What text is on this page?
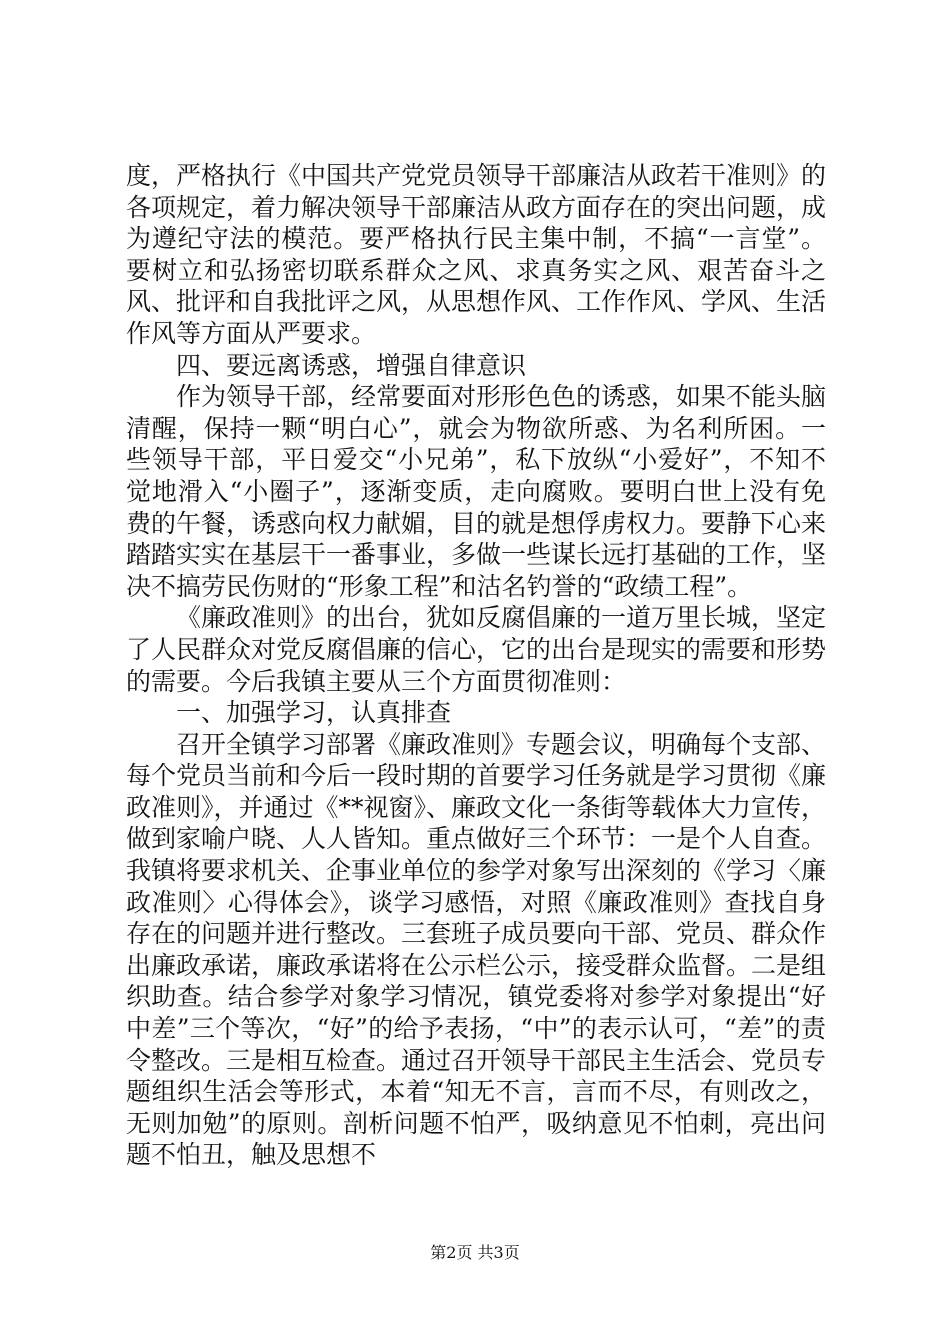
度，严格执行《中国共产党党员领导干部廉洁从政若干准则》的各项规定，着力解决领导干部廉洁从政方面存在的突出问题，成为遵纪守法的模范。要严格执行民主集中制，不搞“一言堂”。要树立和弘扬密切联系群众之风、求真务实之风、艰苦奋斗之风、批评和自我批评之风，从思想作风、工作作风、学风、生活作风等方面从严要求。

四、要远离诱惑，增强自律意识

作为领导干部，经常要面对形形色色的诱惑，如果不能头脑清醒，保持一颗“明白心”，就会为物欲所惑、为名利所困。一些领导干部，平日爱交“小兄弟”，私下放纵“小爱好”，不知不觉地滑入“小圈子”，逐渐变质，走向腐败。要明白世上没有免费的午餐，诱惑向权力献媚，目的就是想俘虏权力。要静下心来踏踏实实在基层干一番事业，多做一些谋长远打基础的工作，坚决不搞劳民伤财的“形象工程”和沽名钓誉的“政绩工程”。

《廉政准则》的出台，犹如反腐倡廉的一道万里长城，坚定了人民群众对党反腐倡廉的信心，它的出台是现实的需要和形势的需要。今后我镇主要从三个方面贯彻准则：

一、加强学习，认真排查

召开全镇学习部署《廉政准则》专题会议，明确每个支部、每个党员当前和今后一段时期的首要学习任务就是学习贯彻《廉政准则》，并通过《**视窗》、廉政文化一条街等载体大力宣传，做到家喻户晓、人人皆知。重点做好三个环节：一是个人自查。我镇将要求机关、企事业单位的参学对象写出深刻的《学习〈廉政准则〉心得体会》，谈学习感悟，对照《廉政准则》查找自身存在的问题并进行整改。三套班子成员要向干部、党员、群众作出廉政承诺，廉政承诺将在公示栏公示，接受群众监督。二是组织助查。结合参学对象学习情况，镇党委将对参学对象提出“好中差”三个等次，“好”的给予表扬，“中”的表示认可，“差”的责令整改。三是相互检查。通过召开领导干部民主生活会、党员专题组织生活会等形式，本着“知无不言，言而不尽，有则改之，无则加勉”的原则。剖析问题不怕严，吸纳意见不怕刺，亮出问题不怕丑，触及思想不

第2页 共3页
